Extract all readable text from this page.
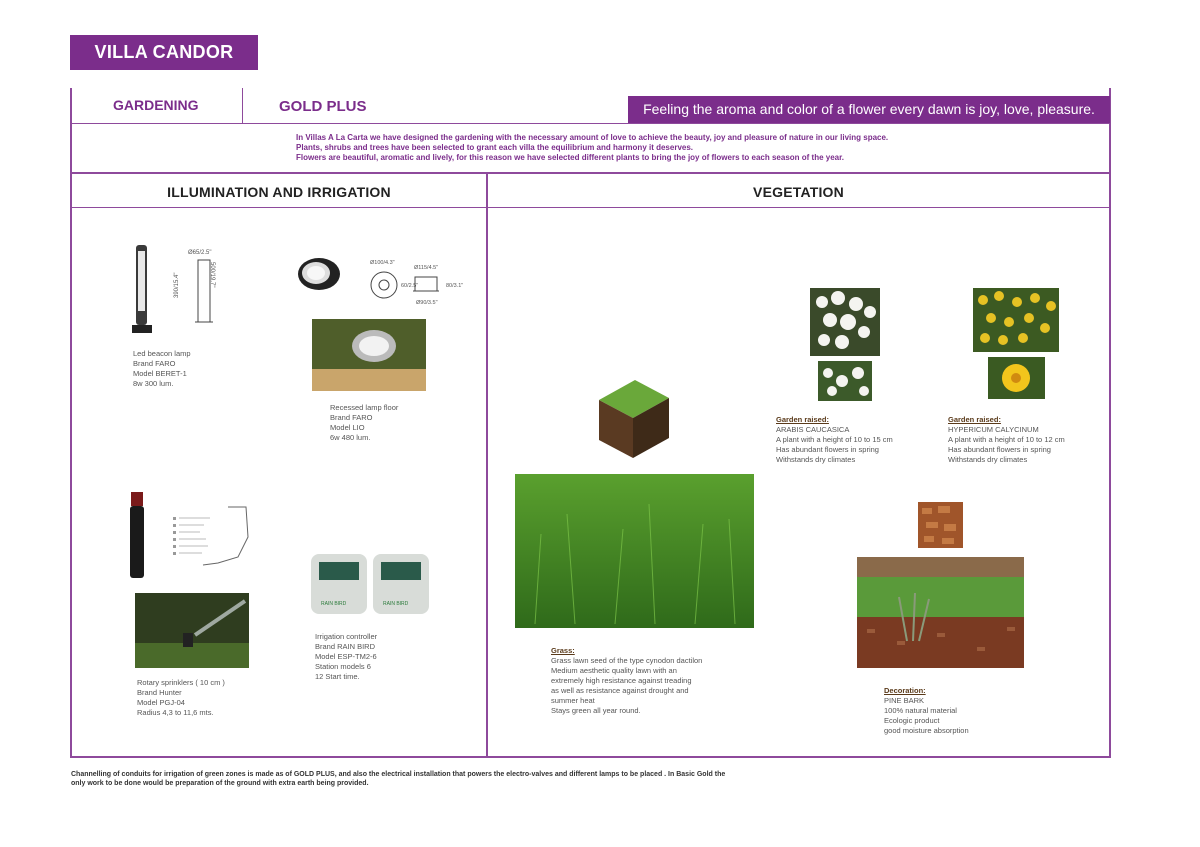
VILLA CANDOR
GARDENING	GOLD PLUS	Feeling the aroma and color of a flower every dawn is joy, love, pleasure.
In Villas A La Carta we have designed the gardening with the necessary amount of love to achieve the beauty, joy and pleasure of nature in our living space.
Plants, shrubs and trees have been selected to grant each villa the equilibrium and harmony it deserves.
Flowers are beautiful, aromatic and lively, for this reason we have selected different plants to bring the joy of flowers to each season of the year.
ILLUMINATION AND IRRIGATION	VEGETATION
Ø65/2.5"
390/15.4"	500/19.7"
Led beacon lamp
Brand FARO
Model BERET-1
8w 300 lum.
Ø100/4.3"
Ø115/4.5"
Ø90/3.5"
60/2.5"	80/3.1"
Recessed lamp floor
Brand FARO
Model LIO
6w 480 lum.
Rotary sprinklers ( 10 cm )
Brand Hunter
Model PGJ-04
Radius 4,3 to 11,6 mts.
RAIN BIRD	RAIN BIRD
Irrigation controller
Brand RAIN BIRD
Model ESP-TM2-6
Station models 6
12 Start time.
Grass:
Grass lawn seed of the type cynodon dactilon
Medium aesthetic quality lawn with an
extremely high resistance against treading
as well as resistance against drought and
summer heat
Stays green all year round.
Garden raised:
ARABIS CAUCASICA
A plant with a height of 10 to 15 cm
Has abundant flowers in spring
Withstands dry climates
Garden raised:
HYPERICUM CALYCINUM
A plant with a height of 10 to 12 cm
Has abundant flowers in spring
Withstands dry climates
Decoration:
PINE BARK
100% natural material
Ecologic product
good moisture absorption
Channelling of conduits for irrigation of green zones is made as of GOLD PLUS, and also the electrical installation that powers the electro-valves and different lamps to be placed . In Basic Gold the
only work to be done would be preparation of the ground with extra earth being provided.
